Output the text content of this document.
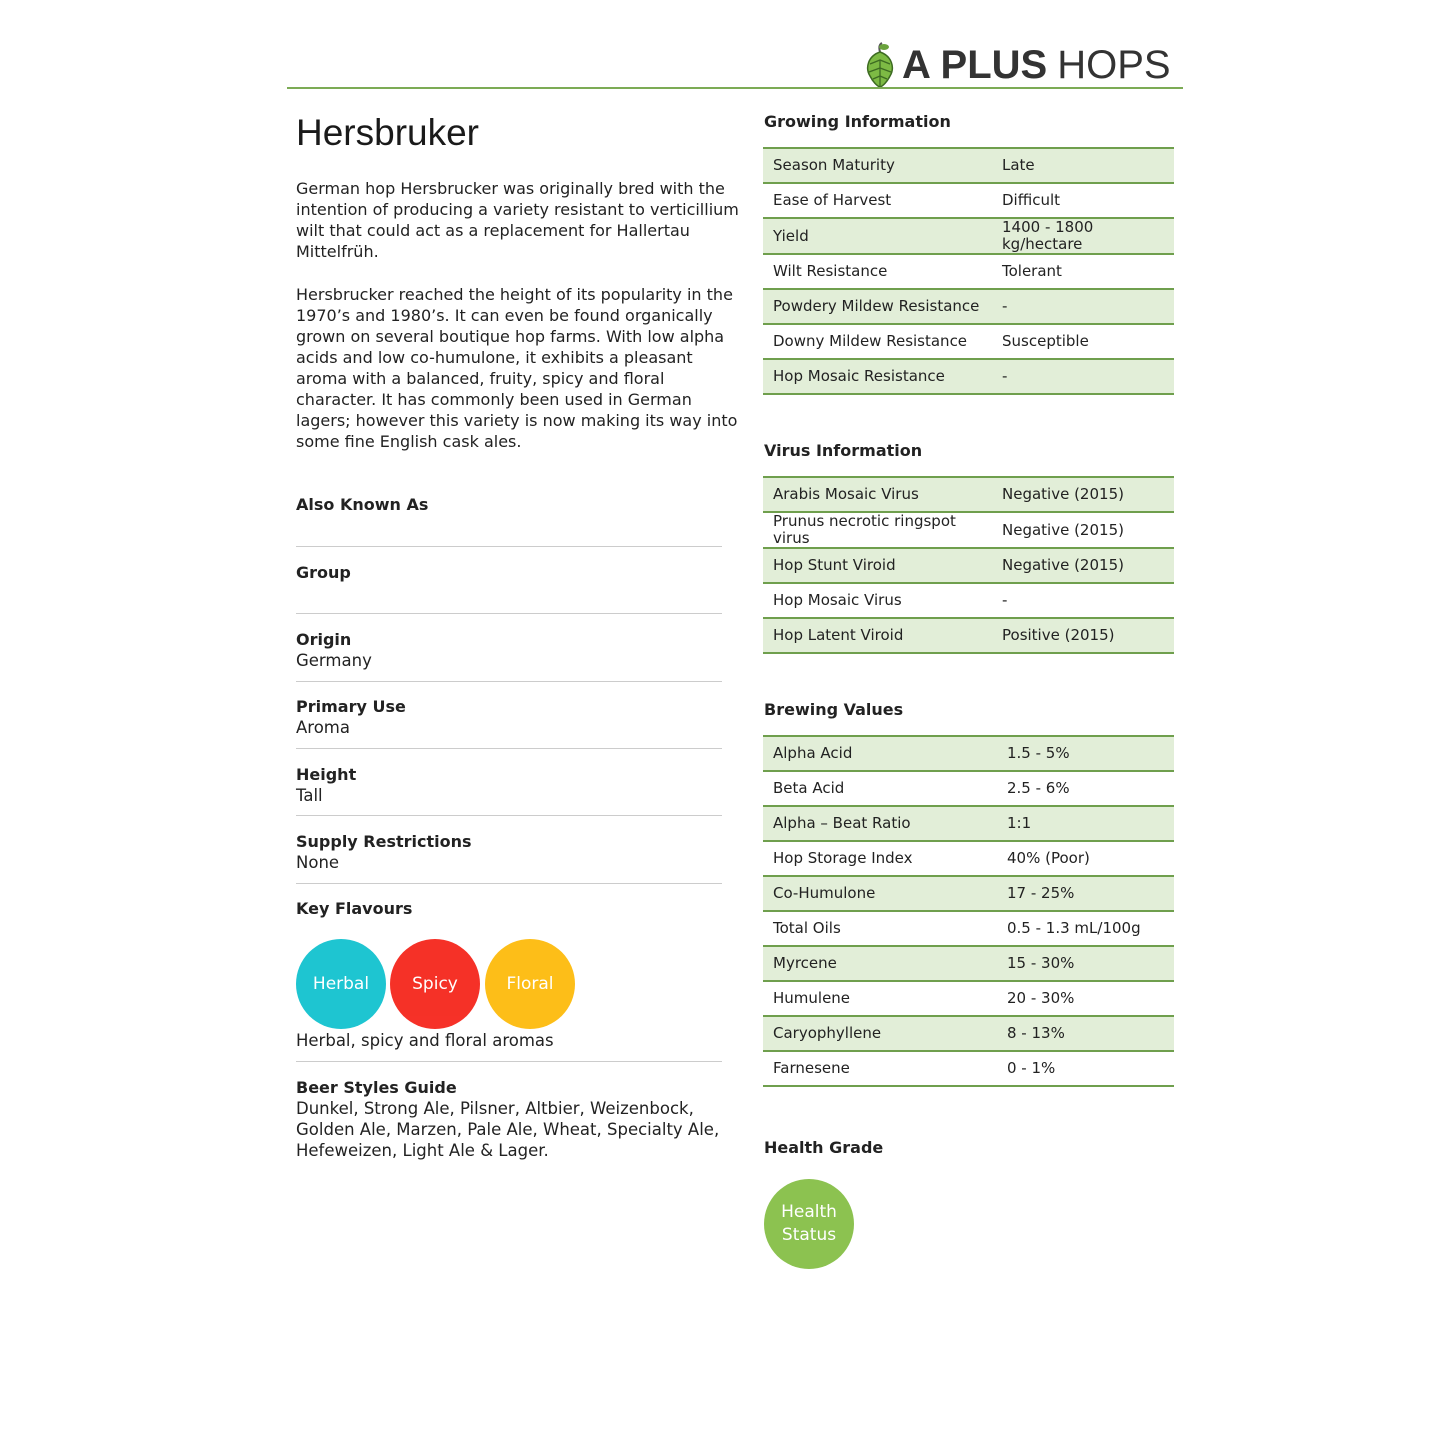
A PLUS HOPS
Hersbruker

German hop Hersbrucker was originally bred with the intention of producing a variety resistant to verticillium wilt that could act as a replacement for Hallertau Mittelfrüh.

Hersbrucker reached the height of its popularity in the 1970’s and 1980’s. It can even be found organically grown on several boutique hop farms. With low alpha acids and low co-humulone, it exhibits a pleasant aroma with a balanced, fruity, spicy and floral character. It has commonly been used in German lagers; however this variety is now making its way into some fine English cask ales.

Also Known As
Group
Origin

Germany

Primary Use

Aroma

Height

Tall

Supply Restrictions

None

Key Flavours
Herbal	Spicy	Floral

Herbal, spicy and floral aromas

Beer Styles Guide

Dunkel, Strong Ale, Pilsner, Altbier, Weizenbock, Golden Ale, Marzen, Pale Ale, Wheat, Specialty Ale, Hefeweizen, Light Ale & Lager.

Growing Information
Season Maturity	Late
Ease of Harvest	Difficult
Yield	1400 - 1800 kg/hectare
Wilt Resistance	Tolerant
Powdery Mildew Resistance	-
Downy Mildew Resistance	Susceptible
Hop Mosaic Resistance	-
Virus Information
Arabis Mosaic Virus	Negative (2015)
Prunus necrotic ringspot virus	Negative (2015)
Hop Stunt Viroid	Negative (2015)
Hop Mosaic Virus	-
Hop Latent Viroid	Positive (2015)
Brewing Values
Alpha Acid	1.5 - 5%
Beta Acid	2.5 - 6%
Alpha – Beat Ratio	1:1
Hop Storage Index	40% (Poor)
Co-Humulone	17 - 25%
Total Oils	0.5 - 1.3 mL/100g
Myrcene	15 - 30%
Humulene	20 - 30%
Caryophyllene	8 - 13%
Farnesene	0 - 1%
Health Grade
Health Status
